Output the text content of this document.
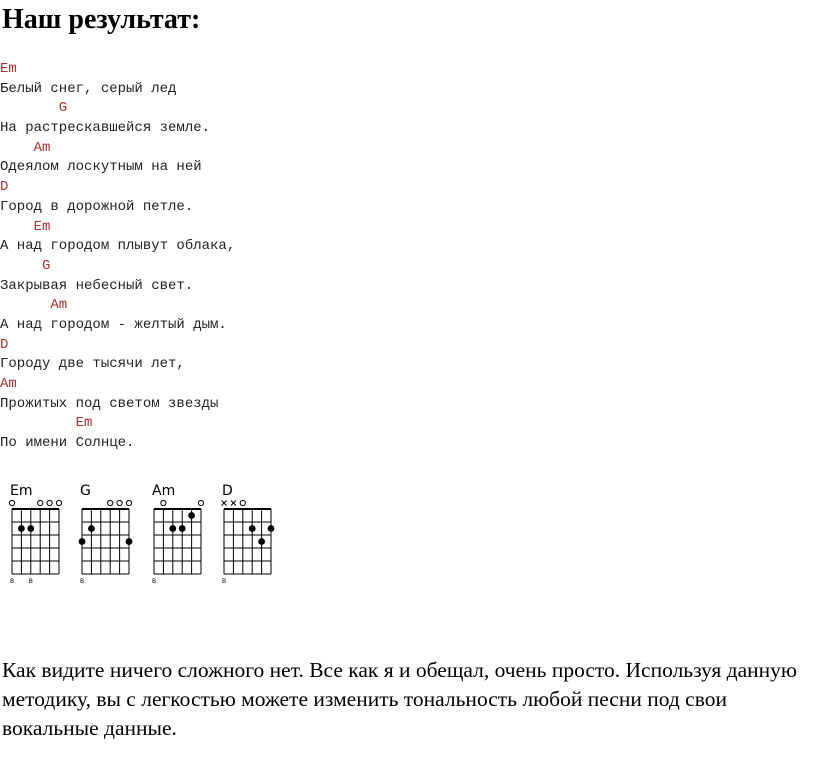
Наш результат:
Em
Белый снег, серый лед
G
На растрескавшейся земле.
Am
Одеялом лоскутным на ней
D
Город в дорожной петле.
Em
А над городом плывут облака,
G
Закрывая небесный свет.
Am
А над городом - желтый дым.
D
Городу две тысячи лет,
Am
Прожитых под светом звезды
Em
По имени Солнце.
Em
B B
G
B
Am
B
D
B

Как видите ничего сложного нет. Все как я и обещал, очень просто. Используя данную методику, вы с легкостью можете изменить тональность любой песни под свои вокальные данные.
